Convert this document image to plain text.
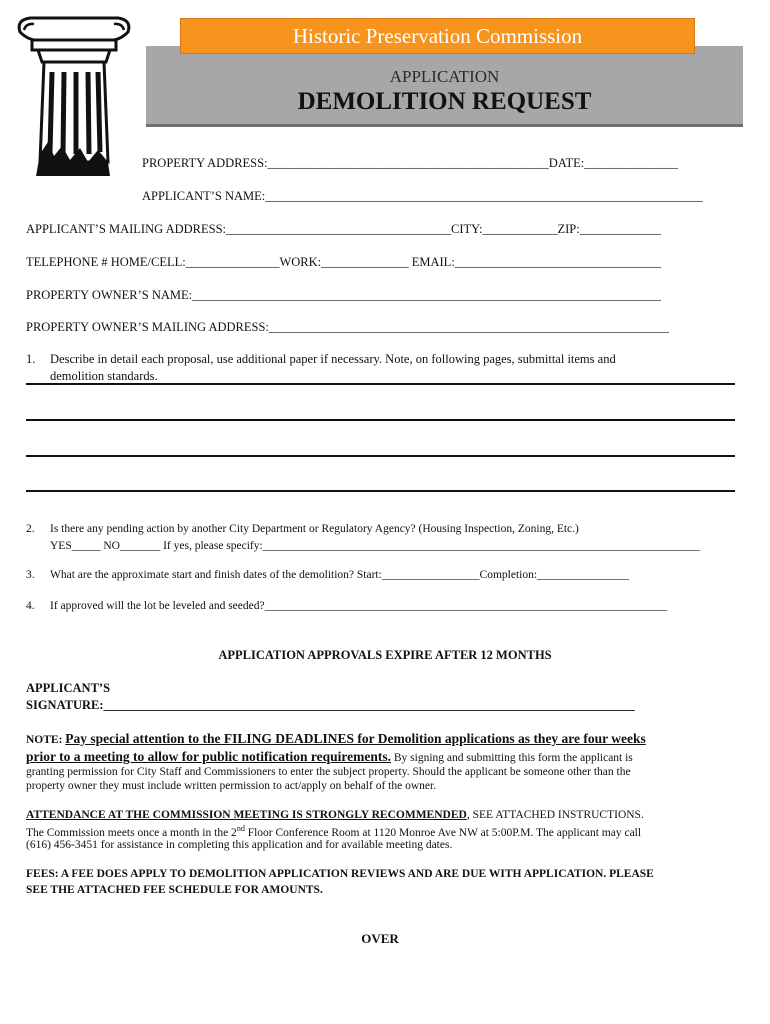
Historic Preservation Commission
APPLICATION
DEMOLITION REQUEST
PROPERTY ADDRESS:_____________________________________________DATE:_______________
APPLICANT’S NAME:______________________________________________________________________
APPLICANT’S MAILING ADDRESS:____________________________________CITY:____________ZIP:_____________
TELEPHONE # HOME/CELL:_______________WORK:______________ EMAIL:_________________________________
PROPERTY OWNER’S NAME:___________________________________________________________________________
PROPERTY OWNER’S MAILING ADDRESS:________________________________________________________________
1. Describe in detail each proposal, use additional paper if necessary. Note, on following pages, submittal items and
demolition standards.
2. Is there any pending action by another City Department or Regulatory Agency? (Housing Inspection, Zoning, Etc.)
YES_____ NO_______ If yes, please specify:____________________________________________________________________________
3. What are the approximate start and finish dates of the demolition? Start:_________________Completion:________________
4. If approved will the lot be leveled and seeded?______________________________________________________________________
APPLICATION APPROVALS EXPIRE AFTER 12 MONTHS
APPLICANT’S
SIGNATURE:_____________________________________________________________________________________
NOTE: Pay special attention to the FILING DEADLINES for Demolition applications as they are four weeks
prior to a meeting to allow for public notification requirements. By signing and submitting this form the applicant is
granting permission for City Staff and Commissioners to enter the subject property. Should the applicant be someone other than the
property owner they must include written permission to act/apply on behalf of the owner.
ATTENDANCE AT THE COMMISSION MEETING IS STRONGLY RECOMMENDED, SEE ATTACHED INSTRUCTIONS.
The Commission meets once a month in the 2nd Floor Conference Room at 1120 Monroe Ave NW at 5:00P.M. The applicant may call
(616) 456-3451 for assistance in completing this application and for available meeting dates.
FEES: A FEE DOES APPLY TO DEMOLITION APPLICATION REVIEWS AND ARE DUE WITH APPLICATION. PLEASE
SEE THE ATTACHED FEE SCHEDULE FOR AMOUNTS.
OVER
